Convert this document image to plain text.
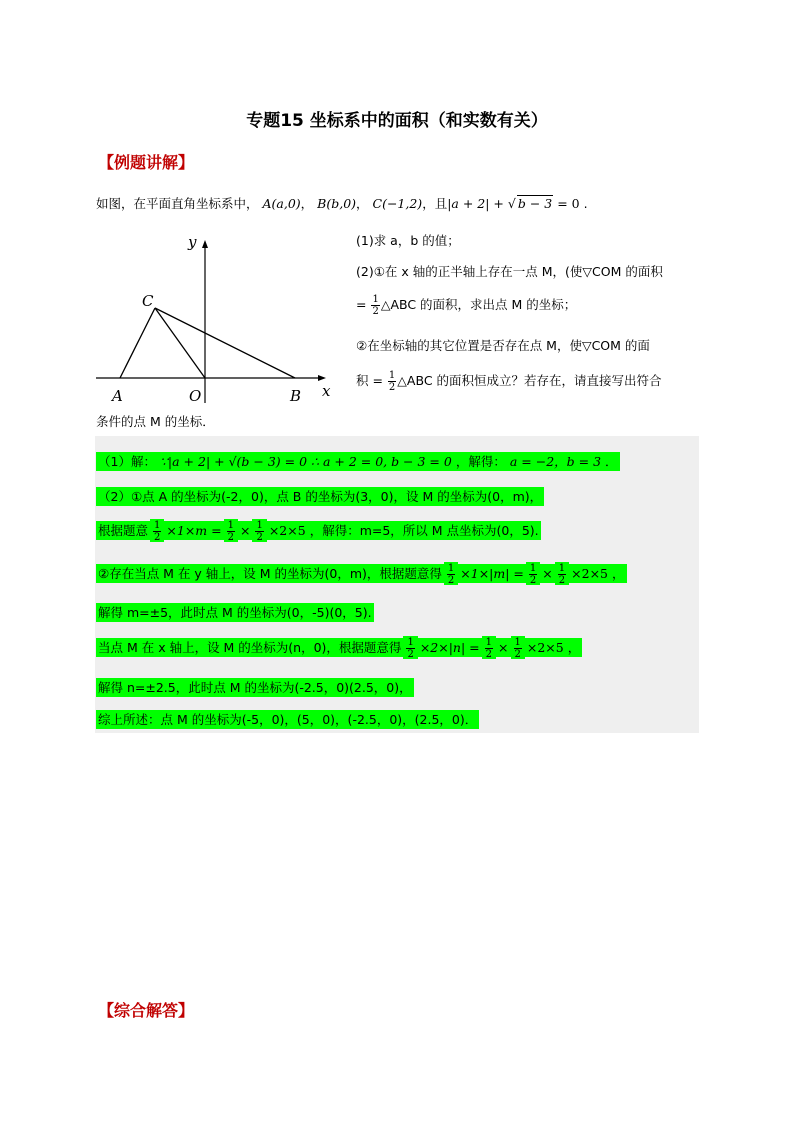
专题15 坐标系中的面积（和实数有关）
【例题讲解】
如图，在平面直角坐标系中， A(a,0)， B(b,0)， C(−1,2)，且|a + 2| + √ b − 3 = 0 .
y
x
A	O	B
C
(1)求 a，b 的值；
(2)①在 x 轴的正半轴上存在一点 M，(使▽COM 的面积
= $\frac{1}{2}$ △ABC 的面积，求出点 M 的坐标；
②在坐标轴的其它位置是否存在点 M，使▽COM 的面
积 = $\frac{1}{2}$ △ABC 的面积恒成立？若存在，请直接写出符合
条件的点 M 的坐标．
（1）解： ∵|a + 2| + √(b − 3) = 0 ∴ a + 2 = 0, b − 3 = 0 ，解得： a = −2，b = 3 ．
（2）①点 A 的坐标为(-2，0)，点 B 的坐标为(3，0)，设 M 的坐标为(0，m)，
根据题意 $\frac{1}{2} \times 1\times m = \frac{1}{2} \times \frac{1}{2} \times 2\times 5$ ，解得：m=5，所以 M 点坐标为(0，5).
②存在当点 M 在 y 轴上，设 M 的坐标为(0，m)，根据题意得 $\frac{1}{2} \times 1\times|m| = \frac{1}{2} \times \frac{1}{2} \times 2\times 5$ ，
解得 m=±5，此时点 M 的坐标为(0，-5)(0，5).
当点 M 在 x 轴上，设 M 的坐标为(n，0)，根据题意得 $\frac{1}{2} \times 2\times|n| = \frac{1}{2} \times \frac{1}{2} \times 2\times 5$ ，
解得 n=±2.5，此时点 M 的坐标为(-2.5，0)(2.5，0)，
综上所述：点 M 的坐标为(-5，0)，(5，0)，(-2.5，0)，(2.5，0)．
【综合解答】
